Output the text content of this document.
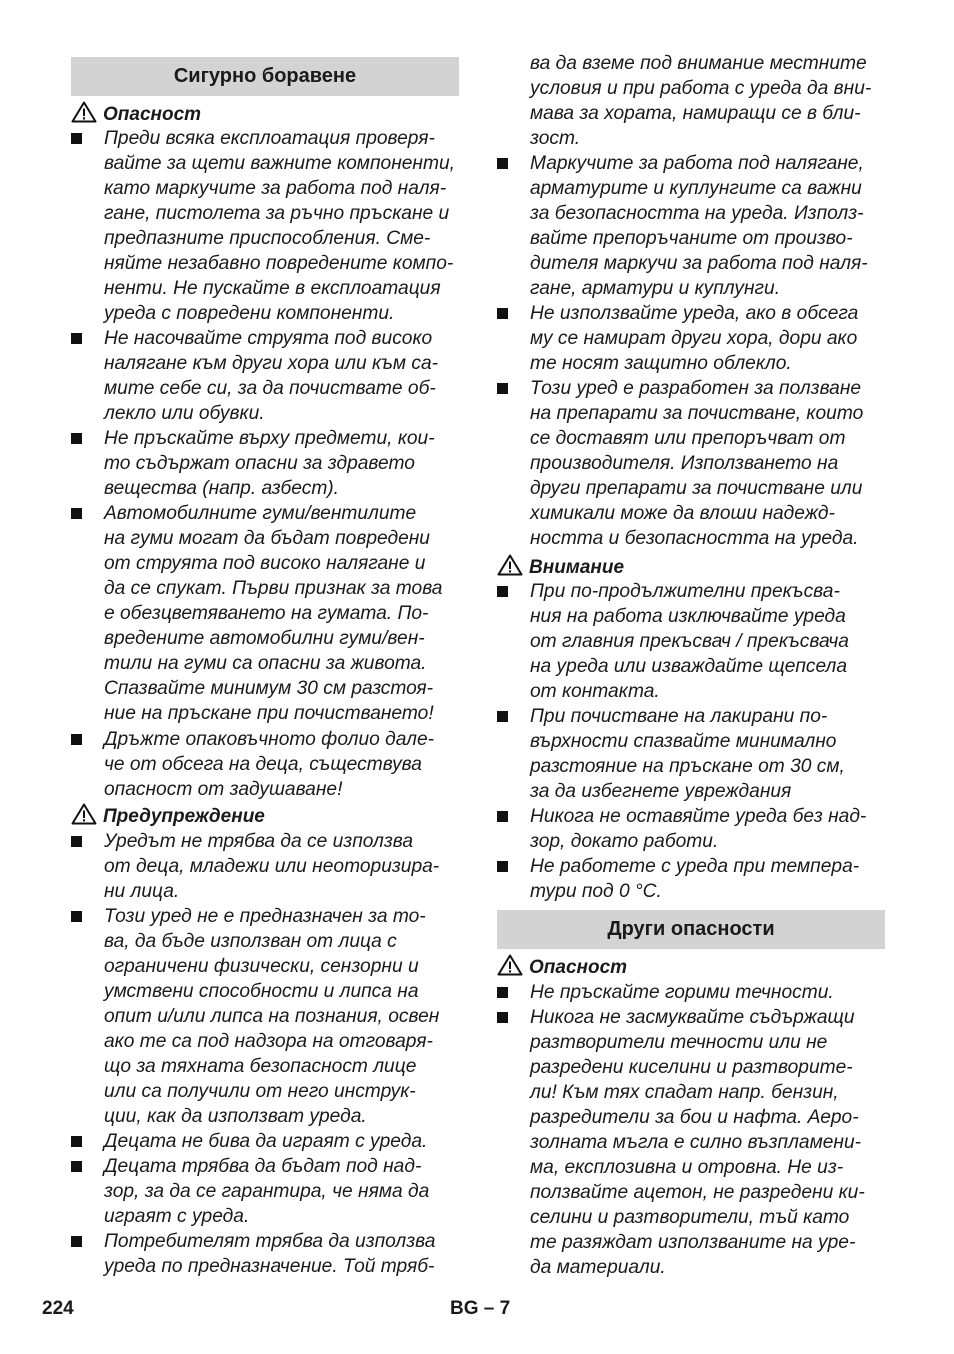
Сигурно боравене
Опасност
Преди всяка експлоатация проверя-
вайте за щети важните компоненти,
като маркучите за работа под наля-
гане, пистолета за ръчно пръскане и
предпазните приспособления. Сме-
няйте незабавно повредените компо-
ненти. Не пускайте в експлоатация
уреда с повредени компоненти.
Не насочвайте струята под високо
налягане към други хора или към са-
мите себе си, за да почиствате об-
лекло или обувки.
Не пръскайте върху предмети, кои-
то съдържат опасни за здравето
вещества (напр. азбест).
Автомобилните гуми/вентилите
на гуми могат да бъдат повредени
от струята под високо налягане и
да се спукат. Първи признак за това
е обезцветяването на гумата. По-
вредените автомобилни гуми/вен-
тили на гуми са опасни за живота.
Спазвайте минимум 30 см разстоя-
ние на пръскане при почистването!
Дръжте опаковъчното фолио дале-
че от обсега на деца, съществува
опасност от задушаване!
Предупреждение
Уредът не трябва да се използва
от деца, младежи или неоторизира-
ни лица.
Този уред не е предназначен за то-
ва, да бъде използван от лица с
ограничени физически, сензорни и
умствени способности и липса на
опит и/или липса на познания, освен
ако те са под надзора на отговаря-
що за тяхната безопасност лице
или са получили от него инструк-
ции, как да използват уреда.
Децата не бива да играят с уреда.
Децата трябва да бъдат под над-
зор, за да се гарантира, че няма да
играят с уреда.
Потребителят трябва да използва
уреда по предназначение. Той тряб-
ва да вземе под внимание местните
условия и при работа с уреда да вни-
мава за хората, намиращи се в бли-
зост.
Маркучите за работа под налягане,
арматурите и куплунгите са важни
за безопасността на уреда. Използ-
вайте препоръчаните от произво-
дителя маркучи за работа под наля-
гане, арматури и куплунги.
Не използвайте уреда, ако в обсега
му се намират други хора, дори ако
те носят защитно облекло.
Този уред е разработен за ползване
на препарати за почистване, които
се доставят или препоръчват от
производителя. Използването на
други препарати за почистване или
химикали може да влоши надежд-
ността и безопасността на уреда.
Внимание
При по-продължителни прекъсва-
ния на работа изключвайте уреда
от главния прекъсвач / прекъсвача
на уреда или изваждайте щепсела
от контакта.
При почистване на лакирани по-
върхности спазвайте минимално
разстояние на пръскане от 30 см,
за да избегнете увреждания
Никога не оставяйте уреда без над-
зор, докато работи.
Не работете с уреда при темпера-
тури под 0 °C.
Други опасности
Опасност
Не пръскайте горими течности.
Никога не засмуквайте съдържащи
разтворители течности или не
разредени киселини и разтворите-
ли! Към тях спадат напр. бензин,
разредители за бои и нафта. Аеро-
золната мъгла е силно възпламени-
ма, експлозивна и отровна. Не из-
ползвайте ацетон, не разредени ки-
селини и разтворители, тъй като
те разяждат използваните на уре-
да материали.
224	BG – 7
